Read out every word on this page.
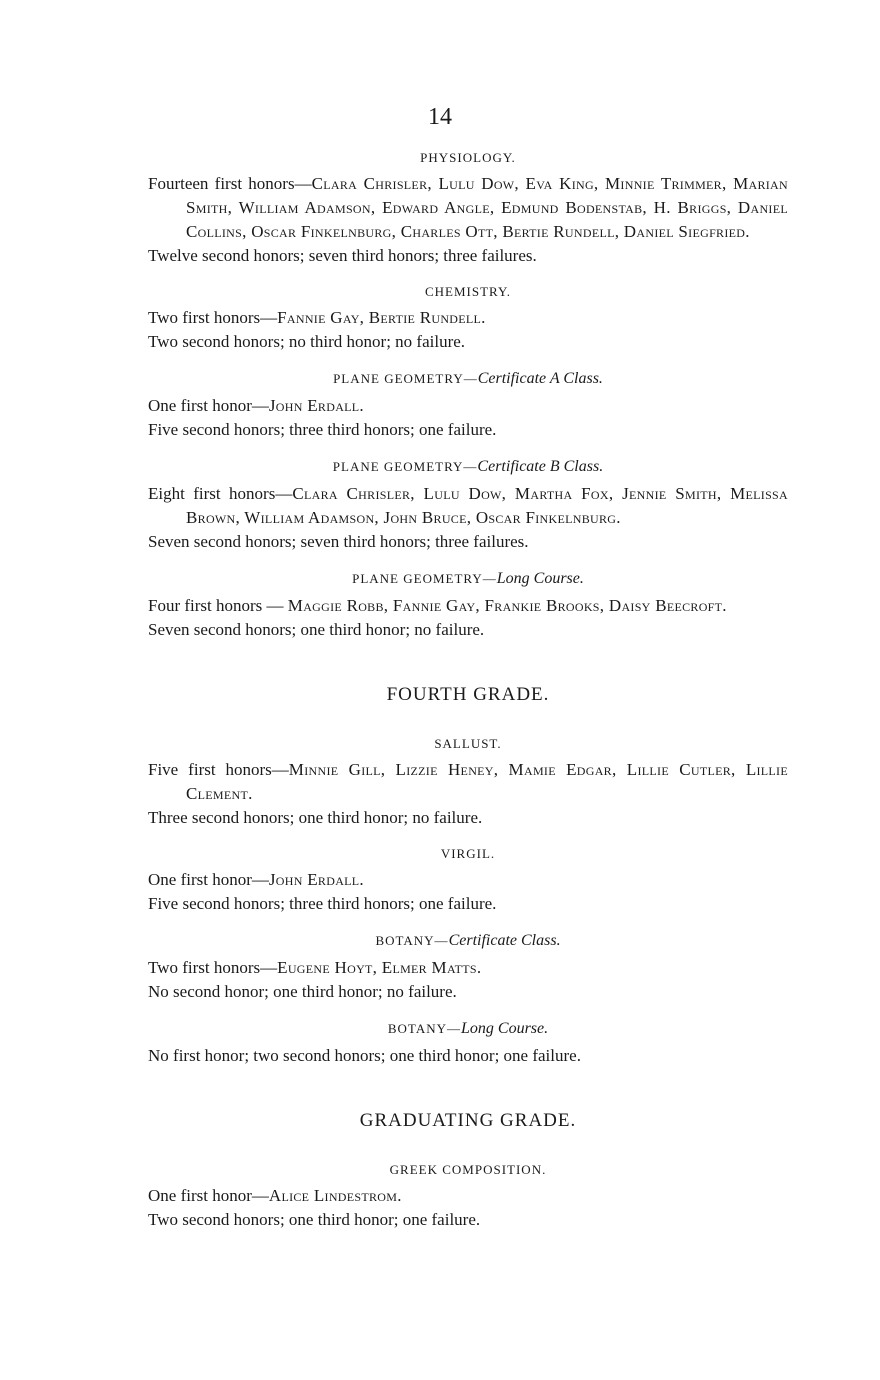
14
PHYSIOLOGY.

Fourteen first honors—Clara Chrisler, Lulu Dow, Eva King, Minnie Trimmer, Marian Smith, William Adamson, Edward Angle, Edmund Bodenstab, H. Briggs, Daniel Collins, Oscar Finkelnburg, Charles Ott, Bertie Rundell, Daniel Siegfried.

Twelve second honors; seven third honors; three failures.

CHEMISTRY.

Two first honors—Fannie Gay, Bertie Rundell.

Two second honors; no third honor; no failure.

PLANE GEOMETRY—Certificate A Class.

One first honor—John Erdall.

Five second honors; three third honors; one failure.

PLANE GEOMETRY—Certificate B Class.

Eight first honors—Clara Chrisler, Lulu Dow, Martha Fox, Jennie Smith, Melissa Brown, William Adamson, John Bruce, Oscar Finkelnburg.

Seven second honors; seven third honors; three failures.

PLANE GEOMETRY—Long Course.

Four first honors — Maggie Robb, Fannie Gay, Frankie Brooks, Daisy Beecroft.

Seven second honors; one third honor; no failure.

FOURTH GRADE.
SALLUST.

Five first honors—Minnie Gill, Lizzie Heney, Mamie Edgar, Lillie Cutler, Lillie Clement.

Three second honors; one third honor; no failure.

VIRGIL.

One first honor—John Erdall.

Five second honors; three third honors; one failure.

BOTANY—Certificate Class.

Two first honors—Eugene Hoyt, Elmer Matts.

No second honor; one third honor; no failure.

BOTANY—Long Course.

No first honor; two second honors; one third honor; one failure.

GRADUATING GRADE.
GREEK COMPOSITION.

One first honor—Alice Lindestrom.

Two second honors; one third honor; one failure.
